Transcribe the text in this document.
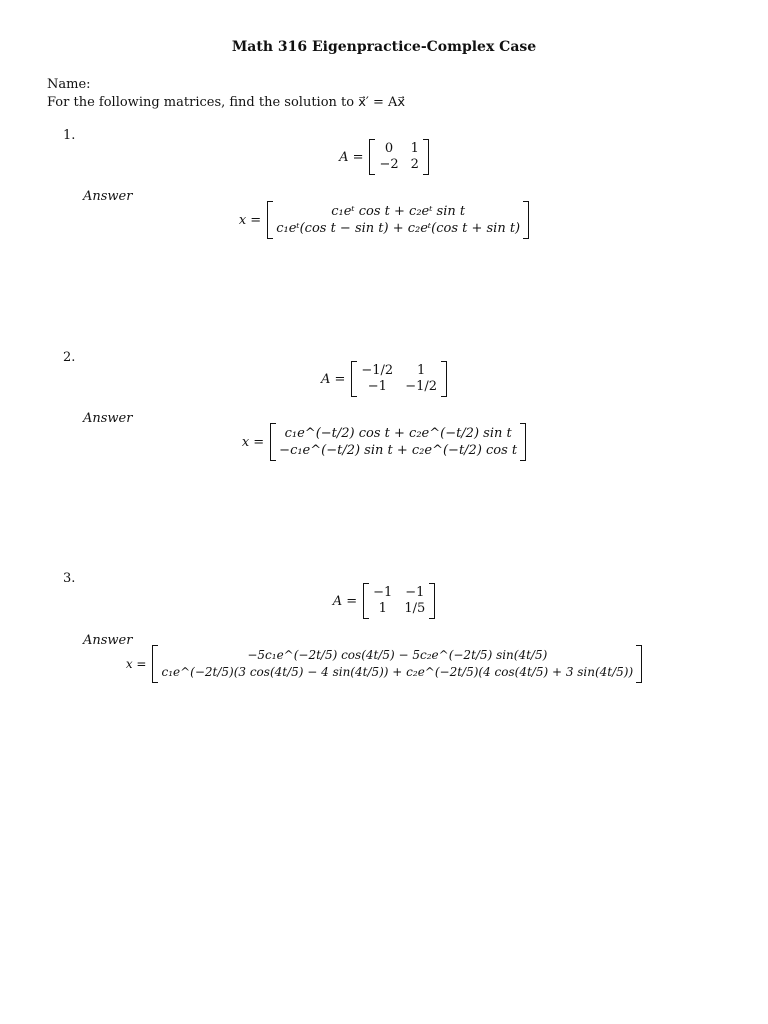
Math 316 Eigenpractice-Complex Case
Name:
For the following matrices, find the solution to x⃗′ = Ax⃗
1.
A =
0	1
−2 2
Answer
x =
c₁eᵗ cos t + c₂eᵗ sin t
c₁eᵗ(cos t − sin t) + c₂eᵗ(cos t + sin t)
2.
A =
−1/2	1
−1	−1/2
Answer
x =
c₁e^(−t/2) cos t + c₂e^(−t/2) sin t
−c₁e^(−t/2) sin t + c₂e^(−t/2) cos t
3.
A =
−1 −1
1	1/5
Answer
x =
−5c₁e^(−2t/5) cos(4t/5) − 5c₂e^(−2t/5) sin(4t/5)
c₁e^(−2t/5)(3 cos(4t/5) − 4 sin(4t/5)) + c₂e^(−2t/5)(4 cos(4t/5) + 3 sin(4t/5))
